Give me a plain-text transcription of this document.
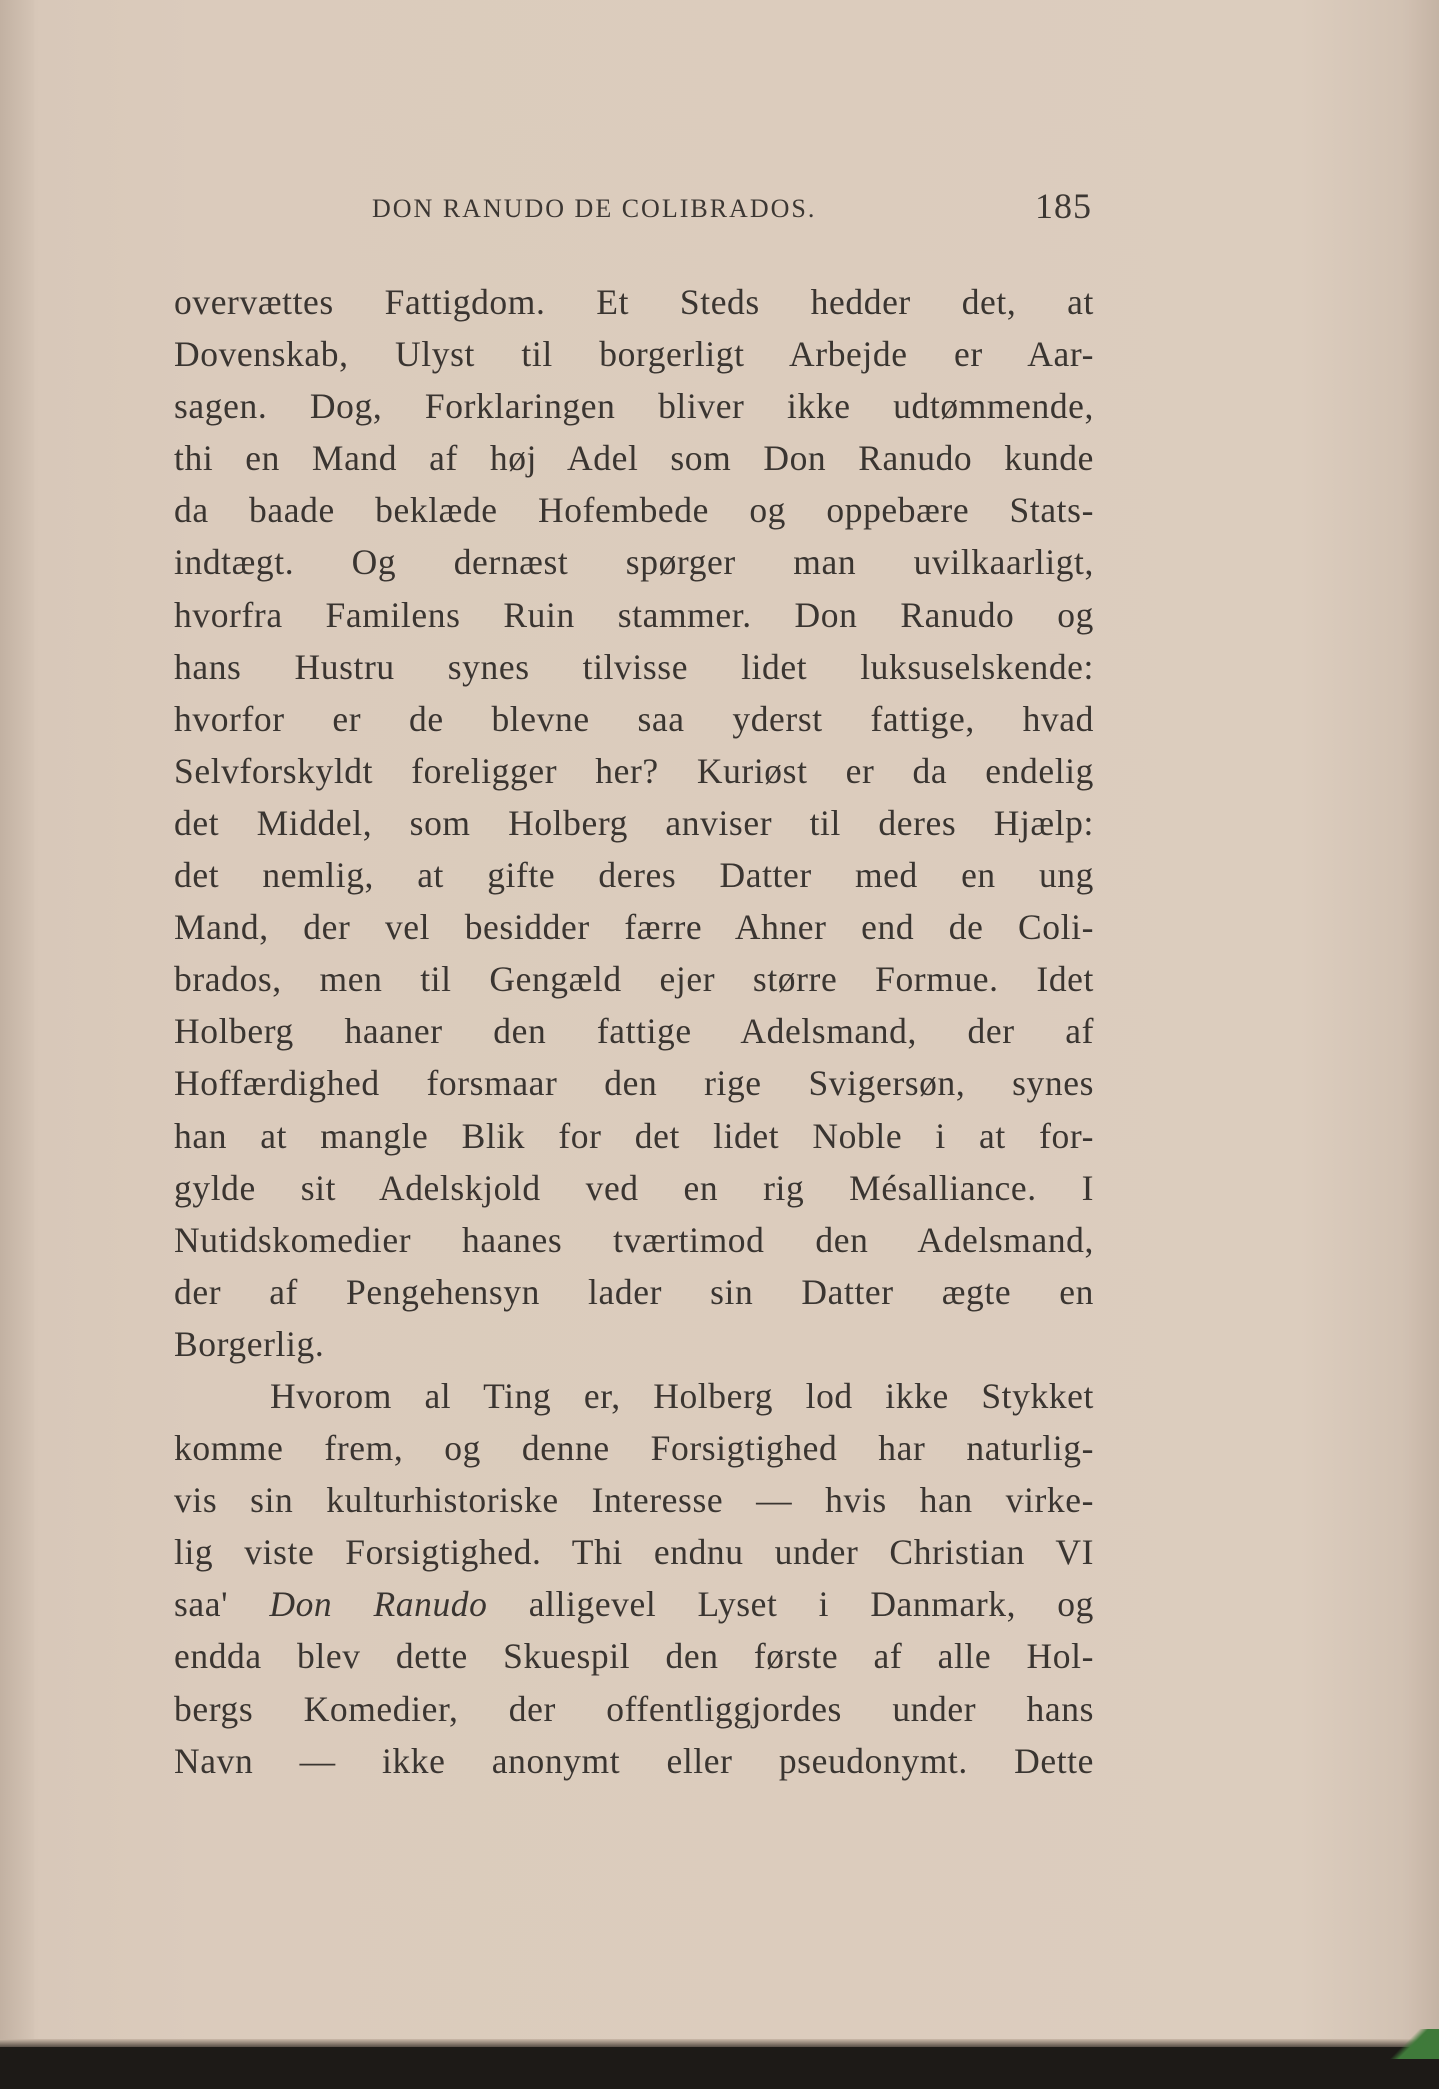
DON RANUDO DE COLIBRADOS.	185
overvættes Fattigdom. Et Steds hedder det, at
Dovenskab, Ulyst til borgerligt Arbejde er Aar-
sagen. Dog, Forklaringen bliver ikke udtømmende,
thi en Mand af høj Adel som Don Ranudo kunde
da baade beklæde Hofembede og oppebære Stats-
indtægt. Og dernæst spørger man uvilkaarligt,
hvorfra Familens Ruin stammer. Don Ranudo og
hans Hustru synes tilvisse lidet luksuselskende:
hvorfor er de blevne saa yderst fattige, hvad
Selvforskyldt foreligger her? Kuriøst er da endelig
det Middel, som Holberg anviser til deres Hjælp:
det nemlig, at gifte deres Datter med en ung
Mand, der vel besidder færre Ahner end de Coli-
brados, men til Gengæld ejer større Formue. Idet
Holberg haaner den fattige Adelsmand, der af
Hoffærdighed forsmaar den rige Svigersøn, synes
han at mangle Blik for det lidet Noble i at for-
gylde sit Adelskjold ved en rig Mésalliance. I
Nutidskomedier haanes tværtimod den Adelsmand,
der af Pengehensyn lader sin Datter ægte en
Borgerlig.
Hvorom al Ting er, Holberg lod ikke Stykket
komme frem, og denne Forsigtighed har naturlig-
vis sin kulturhistoriske Interesse — hvis han virke-
lig viste Forsigtighed. Thi endnu under Christian VI
saa' Don Ranudo alligevel Lyset i Danmark, og
endda blev dette Skuespil den første af alle Hol-
bergs Komedier, der offentliggjordes under hans
Navn — ikke anonymt eller pseudonymt. Dette
